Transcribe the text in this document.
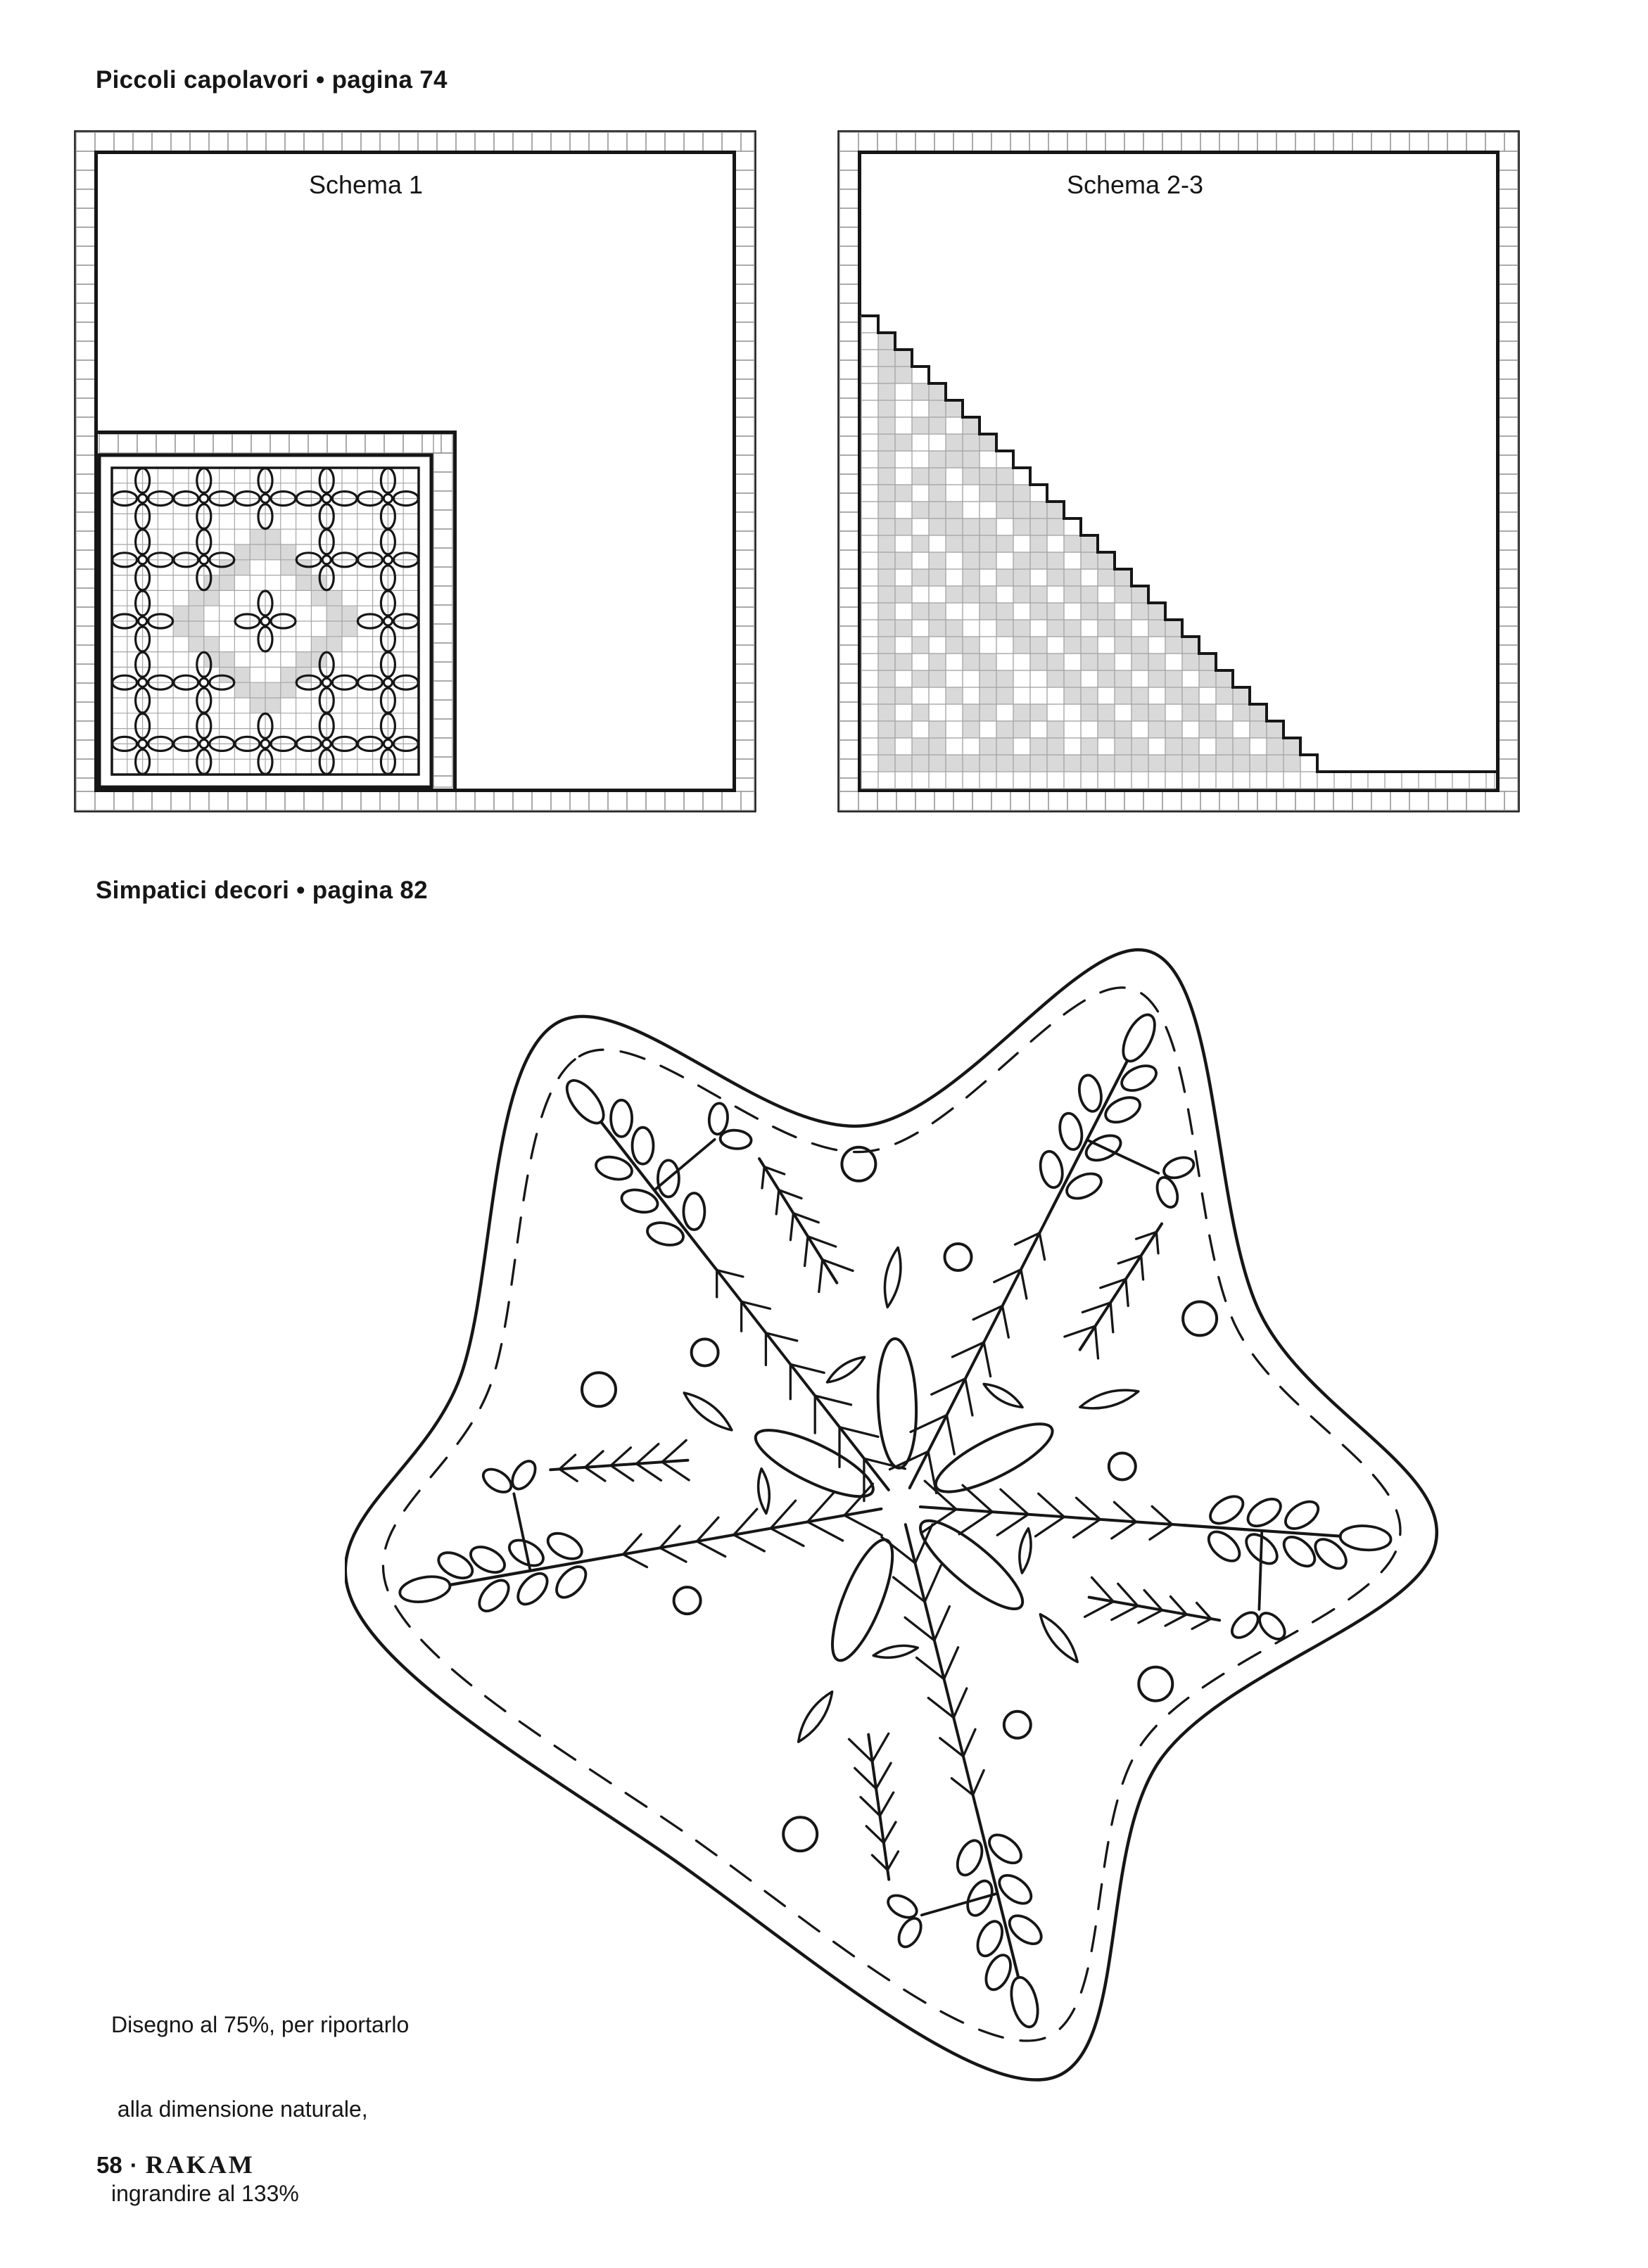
Piccoli capolavori • pagina 74
Schema 1	Schema 2-3
Simpatici decori • pagina 82

Disegno al 75%, per riportarlo

alla dimensione naturale,

ingrandire al 133%

58 · RAKAM
